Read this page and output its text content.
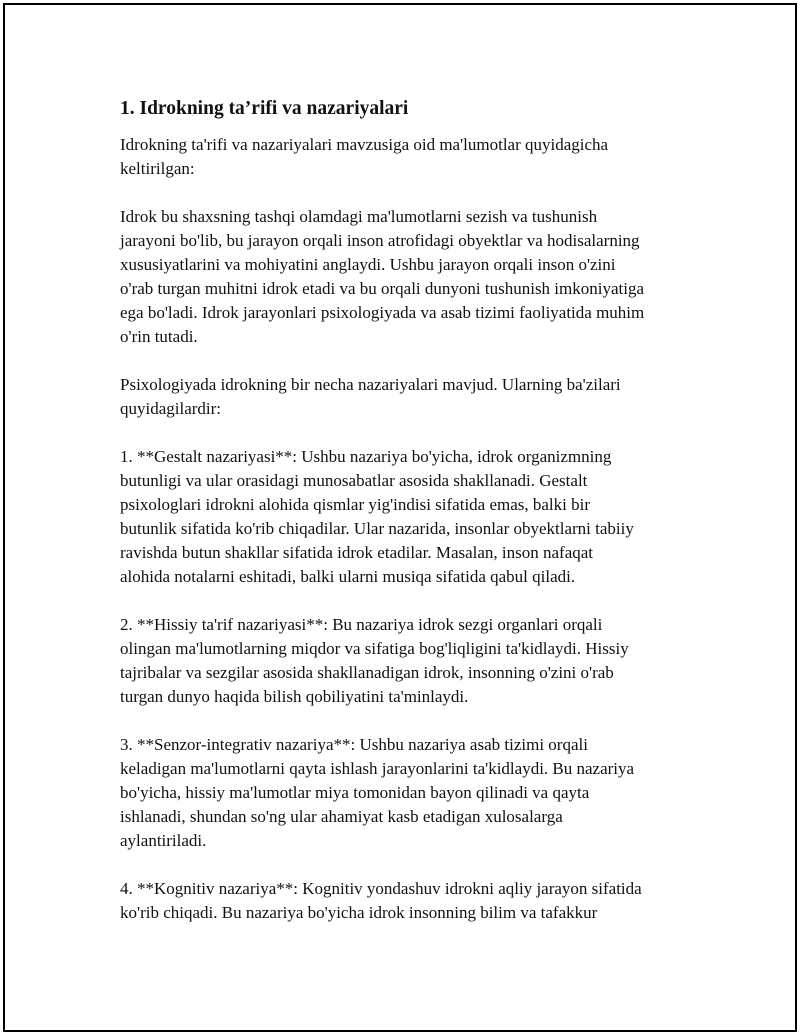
1. Idrokning ta’rifi va nazariyalari

Idrokning ta'rifi va nazariyalari mavzusiga oid ma'lumotlar quyidagicha
keltirilgan:

Idrok bu shaxsning tashqi olamdagi ma'lumotlarni sezish va tushunish
jarayoni bo'lib, bu jarayon orqali inson atrofidagi obyektlar va hodisalarning
xususiyatlarini va mohiyatini anglaydi. Ushbu jarayon orqali inson o'zini
o'rab turgan muhitni idrok etadi va bu orqali dunyoni tushunish imkoniyatiga
ega bo'ladi. Idrok jarayonlari psixologiyada va asab tizimi faoliyatida muhim
o'rin tutadi.

Psixologiyada idrokning bir necha nazariyalari mavjud. Ularning ba'zilari
quyidagilardir:

1. **Gestalt nazariyasi**: Ushbu nazariya bo'yicha, idrok organizmning
butunligi va ular orasidagi munosabatlar asosida shakllanadi. Gestalt
psixologlari idrokni alohida qismlar yig'indisi sifatida emas, balki bir
butunlik sifatida ko'rib chiqadilar. Ular nazarida, insonlar obyektlarni tabiiy
ravishda butun shakllar sifatida idrok etadilar. Masalan, inson nafaqat
alohida notalarni eshitadi, balki ularni musiqa sifatida qabul qiladi.

2. **Hissiy ta'rif nazariyasi**: Bu nazariya idrok sezgi organlari orqali
olingan ma'lumotlarning miqdor va sifatiga bog'liqligini ta'kidlaydi. Hissiy
tajribalar va sezgilar asosida shakllanadigan idrok, insonning o'zini o'rab
turgan dunyo haqida bilish qobiliyatini ta'minlaydi.

3. **Senzor-integrativ nazariya**: Ushbu nazariya asab tizimi orqali
keladigan ma'lumotlarni qayta ishlash jarayonlarini ta'kidlaydi. Bu nazariya
bo'yicha, hissiy ma'lumotlar miya tomonidan bayon qilinadi va qayta
ishlanadi, shundan so'ng ular ahamiyat kasb etadigan xulosalarga
aylantiriladi.

4. **Kognitiv nazariya**: Kognitiv yondashuv idrokni aqliy jarayon sifatida
ko'rib chiqadi. Bu nazariya bo'yicha idrok insonning bilim va tafakkur
